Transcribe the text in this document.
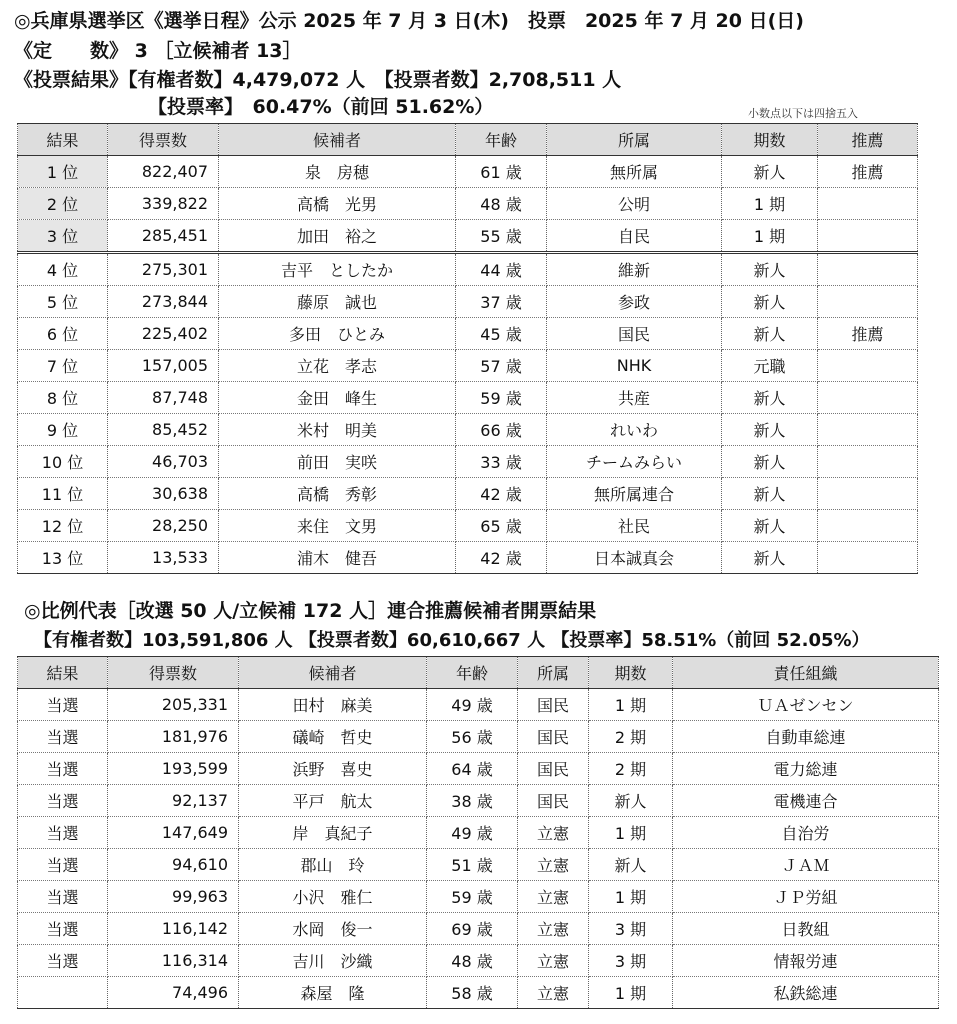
◎兵庫県選挙区《選挙日程》公示 2025 年 7 月 3 日(木)　投票　2025 年 7 月 20 日(日)
《定　　数》 3 ［立候補者 13］
《投票結果》【有権者数】4,479,072 人　【投票者数】2,708,511 人
【投票率】　60.47%（前回 51.62%）	小数点以下は四捨五入
結果	得票数	候補者	年齢	所属	期数	推薦
1 位	822,407	泉　房穂	61 歳	無所属	新人	推薦
2 位	339,822	高橋　光男	48 歳	公明	1 期	
3 位	285,451	加田　裕之	55 歳	自民	1 期	
4 位	275,301	吉平　としたか	44 歳	維新	新人	
5 位	273,844	藤原　誠也	37 歳	参政	新人	
6 位	225,402	多田　ひとみ	45 歳	国民	新人	推薦
7 位	157,005	立花　孝志	57 歳	NHK	元職	
8 位	87,748	金田　峰生	59 歳	共産	新人	
9 位	85,452	米村　明美	66 歳	れいわ	新人	
10 位	46,703	前田　実咲	33 歳	チームみらい	新人	
11 位	30,638	高橋　秀彰	42 歳	無所属連合	新人	
12 位	28,250	来住　文男	65 歳	社民	新人	
13 位	13,533	浦木　健吾	42 歳	日本誠真会	新人	
◎比例代表［改選 50 人/立候補 172 人］連合推薦候補者開票結果
【有権者数】103,591,806 人 【投票者数】60,610,667 人 【投票率】58.51%（前回 52.05%）
結果	得票数	候補者	年齢	所属	期数	責任組織
当選	205,331	田村　麻美	49 歳	国民	1 期	ＵＡゼンセン
当選	181,976	礒崎　哲史	56 歳	国民	2 期	自動車総連
当選	193,599	浜野　喜史	64 歳	国民	2 期	電力総連
当選	92,137	平戸　航太	38 歳	国民	新人	電機連合
当選	147,649	岸　真紀子	49 歳	立憲	1 期	自治労
当選	94,610	郡山　玲	51 歳	立憲	新人	ＪＡＭ
当選	99,963	小沢　雅仁	59 歳	立憲	1 期	ＪＰ労組
当選	116,142	水岡　俊一	69 歳	立憲	3 期	日教組
当選	116,314	吉川　沙織	48 歳	立憲	3 期	情報労連
	74,496	森屋　隆	58 歳	立憲	1 期	私鉄総連
